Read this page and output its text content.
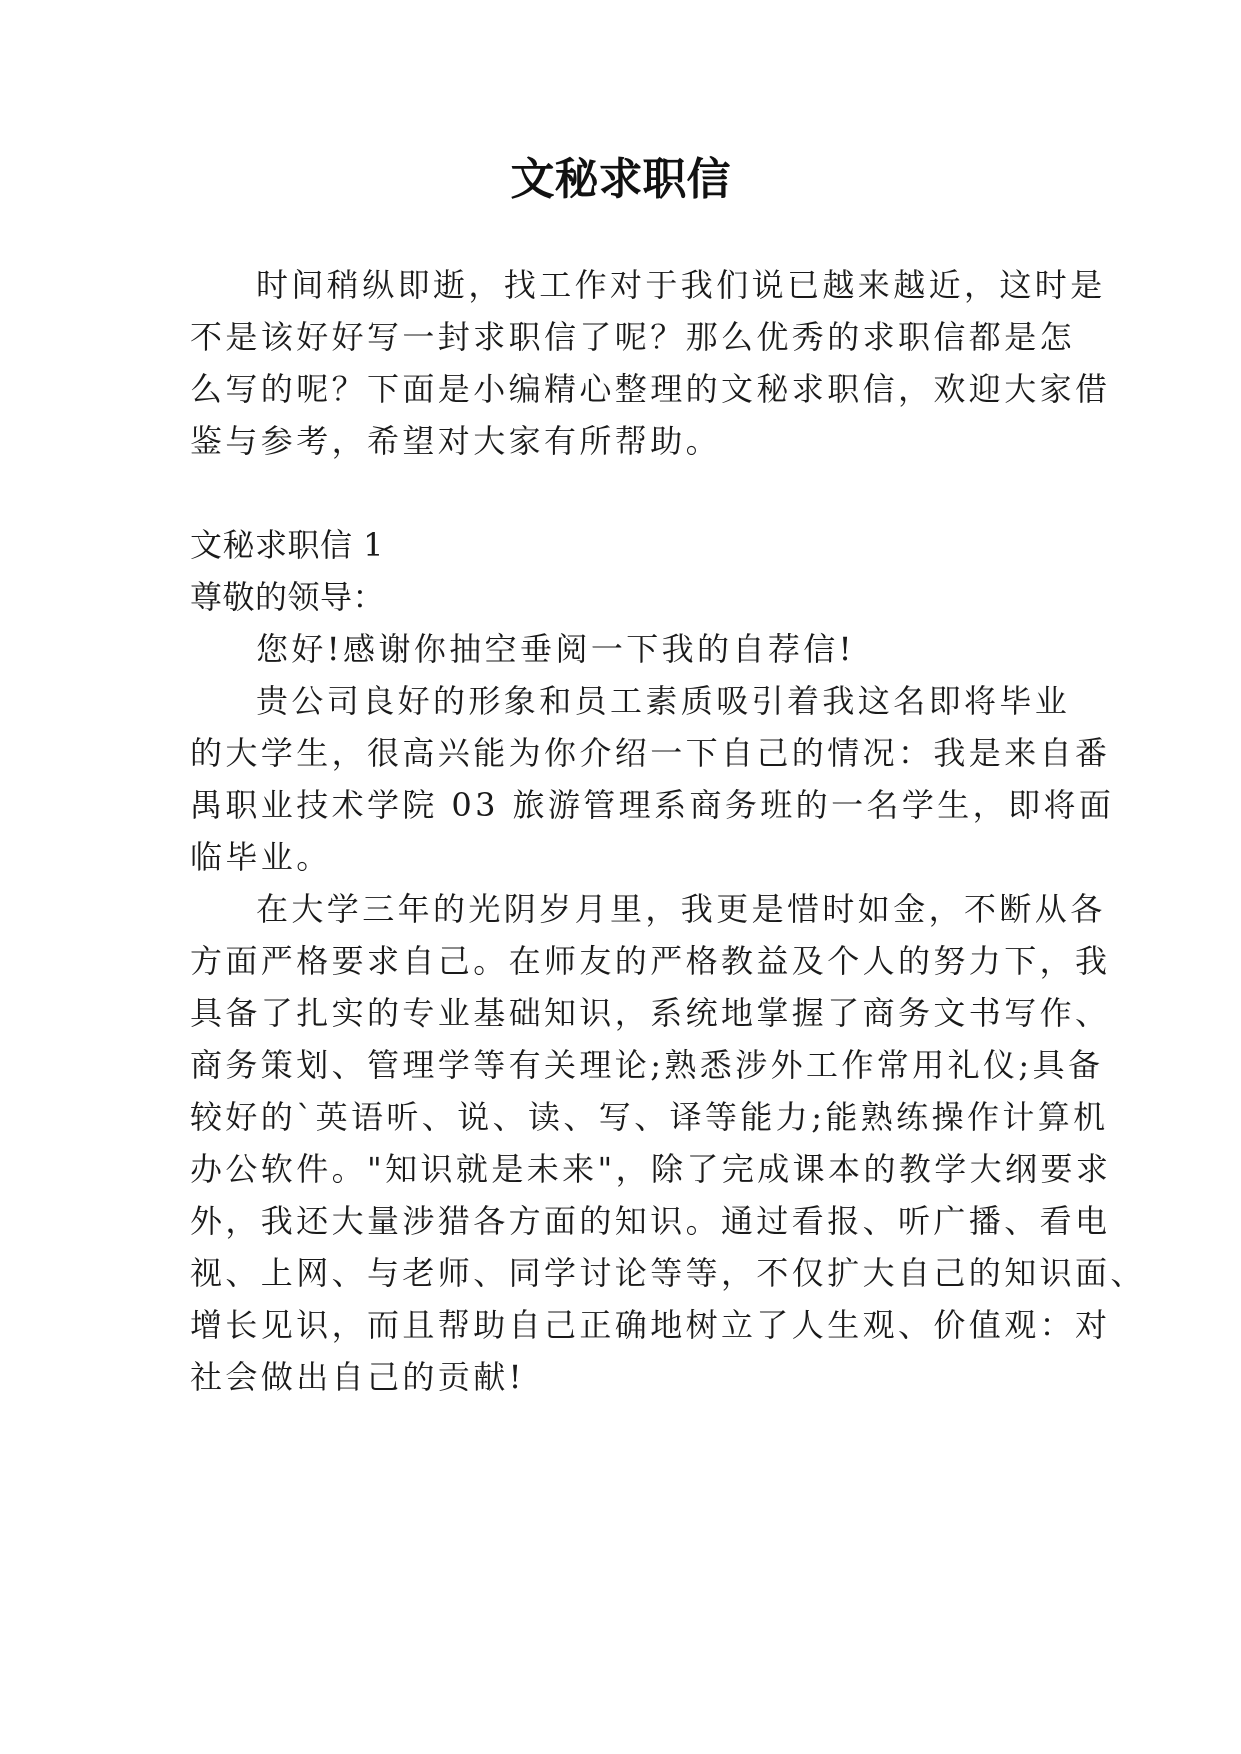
文秘求职信
时间稍纵即逝，找工作对于我们说已越来越近，这时是
不是该好好写一封求职信了呢？那么优秀的求职信都是怎
么写的呢？下面是小编精心整理的文秘求职信，欢迎大家借
鉴与参考，希望对大家有所帮助。
文秘求职信 1
尊敬的领导：
您好!感谢你抽空垂阅一下我的自荐信!
贵公司良好的形象和员工素质吸引着我这名即将毕业
的大学生，很高兴能为你介绍一下自己的情况：我是来自番
禺职业技术学院 03 旅游管理系商务班的一名学生，即将面
临毕业。
在大学三年的光阴岁月里，我更是惜时如金，不断从各
方面严格要求自己。在师友的严格教益及个人的努力下，我
具备了扎实的专业基础知识，系统地掌握了商务文书写作、
商务策划、管理学等有关理论;熟悉涉外工作常用礼仪;具备
较好的`英语听、说、读、写、译等能力;能熟练操作计算机
办公软件。"知识就是未来"，除了完成课本的教学大纲要求
外，我还大量涉猎各方面的知识。通过看报、听广播、看电
视、上网、与老师、同学讨论等等，不仅扩大自己的知识面、
增长见识，而且帮助自己正确地树立了人生观、价值观：对
社会做出自己的贡献!
